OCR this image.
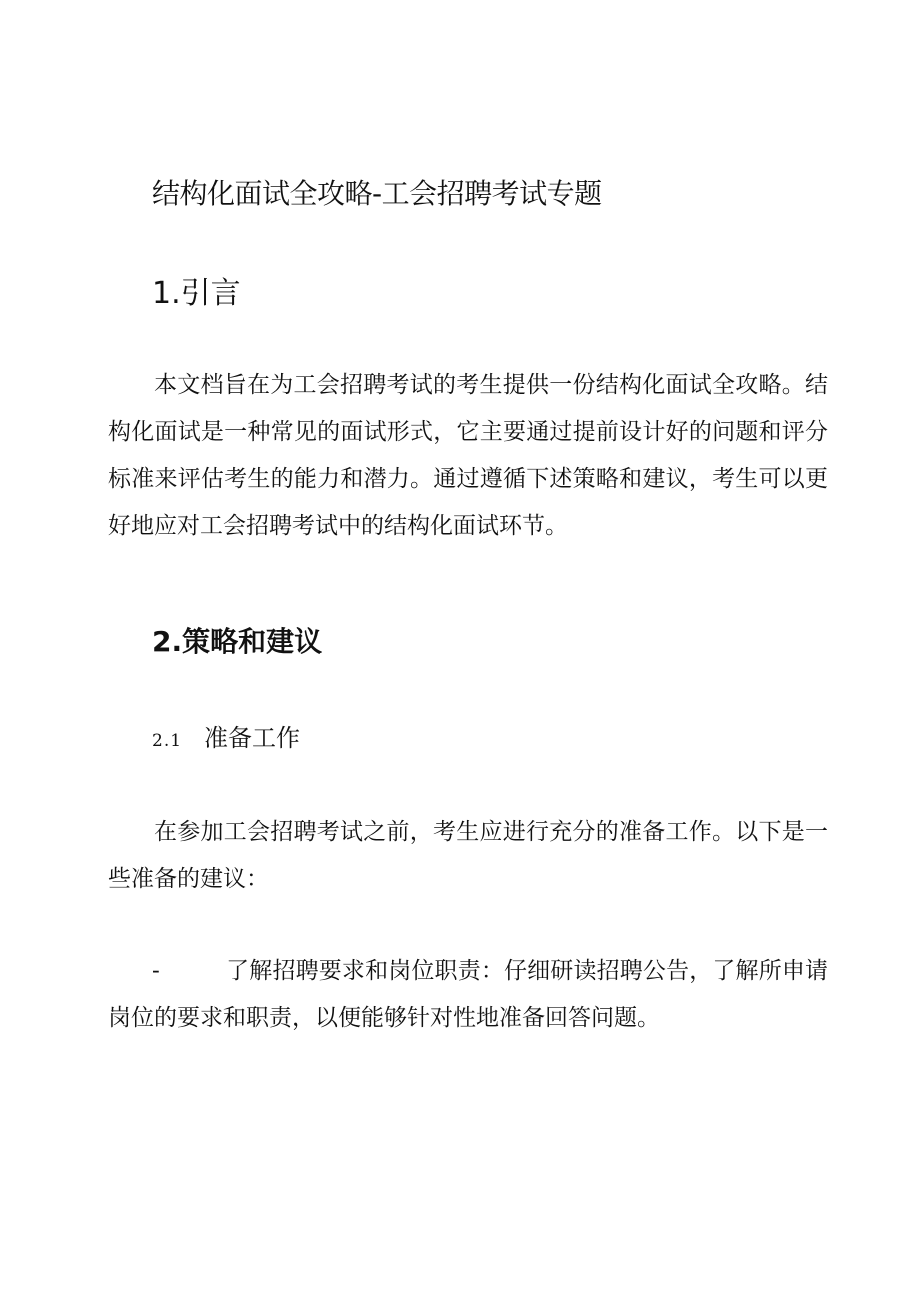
结构化面试全攻略-工会招聘考试专题
1.引言

本文档旨在为工会招聘考试的考生提供一份结构化面试全攻略。结构化面试是一种常见的面试形式，它主要通过提前设计好的问题和评分标准来评估考生的能力和潜力。通过遵循下述策略和建议，考生可以更好地应对工会招聘考试中的结构化面试环节。

2.策略和建议
2.1 准备工作

在参加工会招聘考试之前，考生应进行充分的准备工作。以下是一些准备的建议：

-	了解招聘要求和岗位职责：仔细研读招聘公告，了解所申请岗位的要求和职责，以便能够针对性地准备回答问题。
